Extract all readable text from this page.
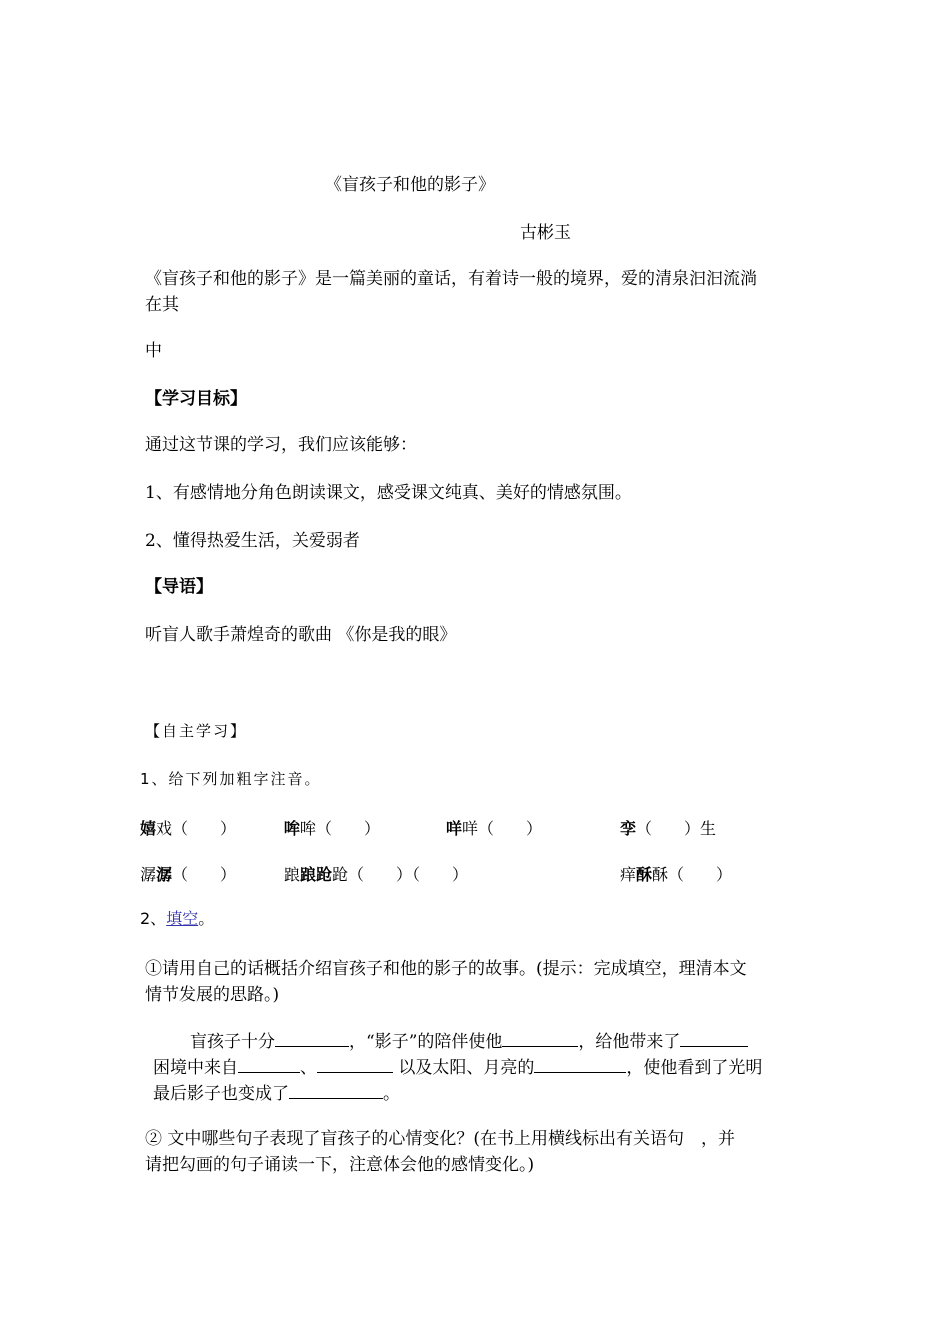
《盲孩子和他的影子》
古彬玉
《盲孩子和他的影子》是一篇美丽的童话，有着诗一般的境界，爱的清泉汩汩流淌
在其
中
【学习目标】
通过这节课的学习，我们应该能够：
1、有感情地分角色朗读课文，感受课文纯真、美好的情感氛围。
2、懂得热爱生活，关爱弱者
【导语】
听盲人歌手萧煌奇的歌曲 《你是我的眼》
【自主学习】
1、给下列加粗字注音。
嬉戏（　　）	哞哞（　　）	咩咩（　　）	孪（　　）生
潺潺（　　）	踉踉跄跄（　　）（　　）	痒酥酥（　　）
2、填空。
①请用自己的话概括介绍盲孩子和他的影子的故事。(提示：完成填空，理清本文
情节发展的思路。)
盲孩子十分	，“影子”的陪伴使他	，给他带来了
困境中来自	、	以及太阳、月亮的	，使他看到了光明
最后影子也变成了	。
② 文中哪些句子表现了盲孩子的心情变化？(在书上用横线标出有关语句　，并
请把勾画的句子诵读一下，注意体会他的感情变化。)
